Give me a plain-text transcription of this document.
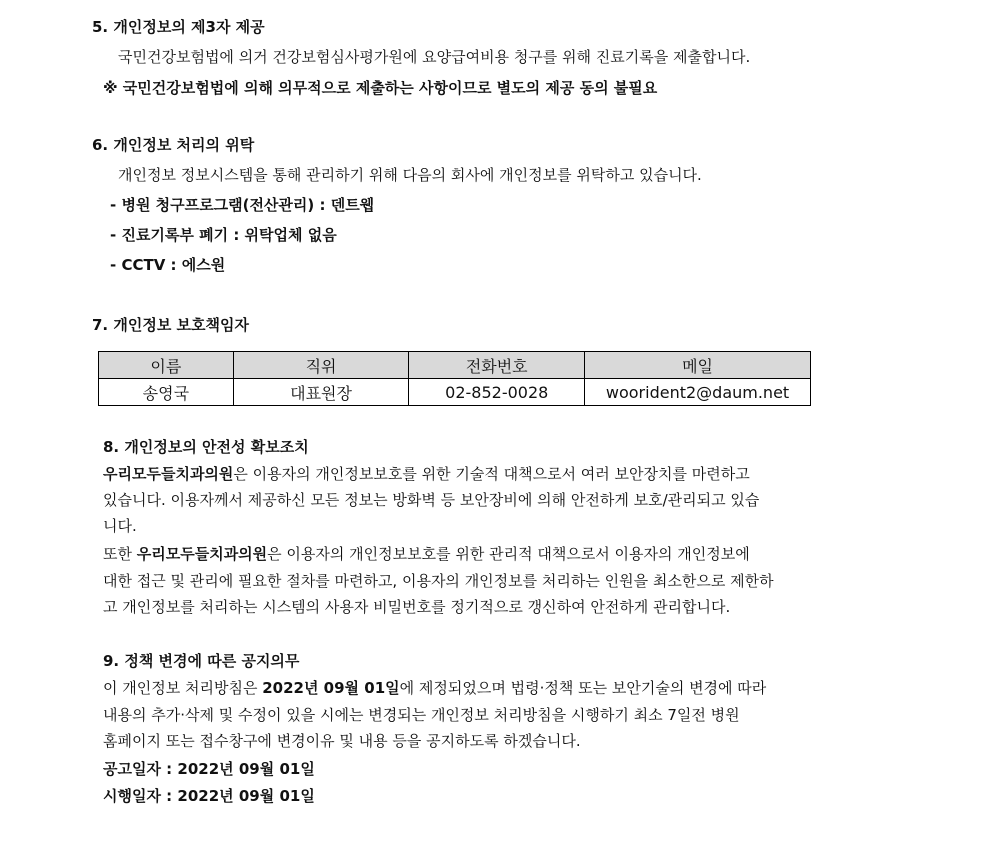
5. 개인정보의 제3자 제공
국민건강보험법에 의거 건강보험심사평가원에 요양급여비용 청구를 위해 진료기록을 제출합니다.
※ 국민건강보험법에 의해 의무적으로 제출하는 사항이므로 별도의 제공 동의 불필요
6. 개인정보 처리의 위탁
개인정보 정보시스템을 통해 관리하기 위해 다음의 회사에 개인정보를 위탁하고 있습니다.
- 병원 청구프로그램(전산관리) : 덴트웹
- 진료기록부 폐기 : 위탁업체 없음
- CCTV : 에스원
7. 개인정보 보호책임자
이름	직위	전화번호	메일
송영국	대표원장	02-852-0028	woorident2@daum.net
8. 개인정보의 안전성 확보조치
우리모두들치과의원은 이용자의 개인정보보호를 위한 기술적 대책으로서 여러 보안장치를 마련하고
있습니다. 이용자께서 제공하신 모든 정보는 방화벽 등 보안장비에 의해 안전하게 보호/관리되고 있습
니다.
또한 우리모두들치과의원은 이용자의 개인정보보호를 위한 관리적 대책으로서 이용자의 개인정보에
대한 접근 및 관리에 필요한 절차를 마련하고, 이용자의 개인정보를 처리하는 인원을 최소한으로 제한하
고 개인정보를 처리하는 시스템의 사용자 비밀번호를 정기적으로 갱신하여 안전하게 관리합니다.
9. 정책 변경에 따른 공지의무
이 개인정보 처리방침은 2022년 09월 01일에 제정되었으며 법령·정책 또는 보안기술의 변경에 따라
내용의 추가·삭제 및 수정이 있을 시에는 변경되는 개인정보 처리방침을 시행하기 최소 7일전 병원
홈페이지 또는 접수창구에 변경이유 및 내용 등을 공지하도록 하겠습니다.
공고일자 : 2022년 09월 01일
시행일자 : 2022년 09월 01일
